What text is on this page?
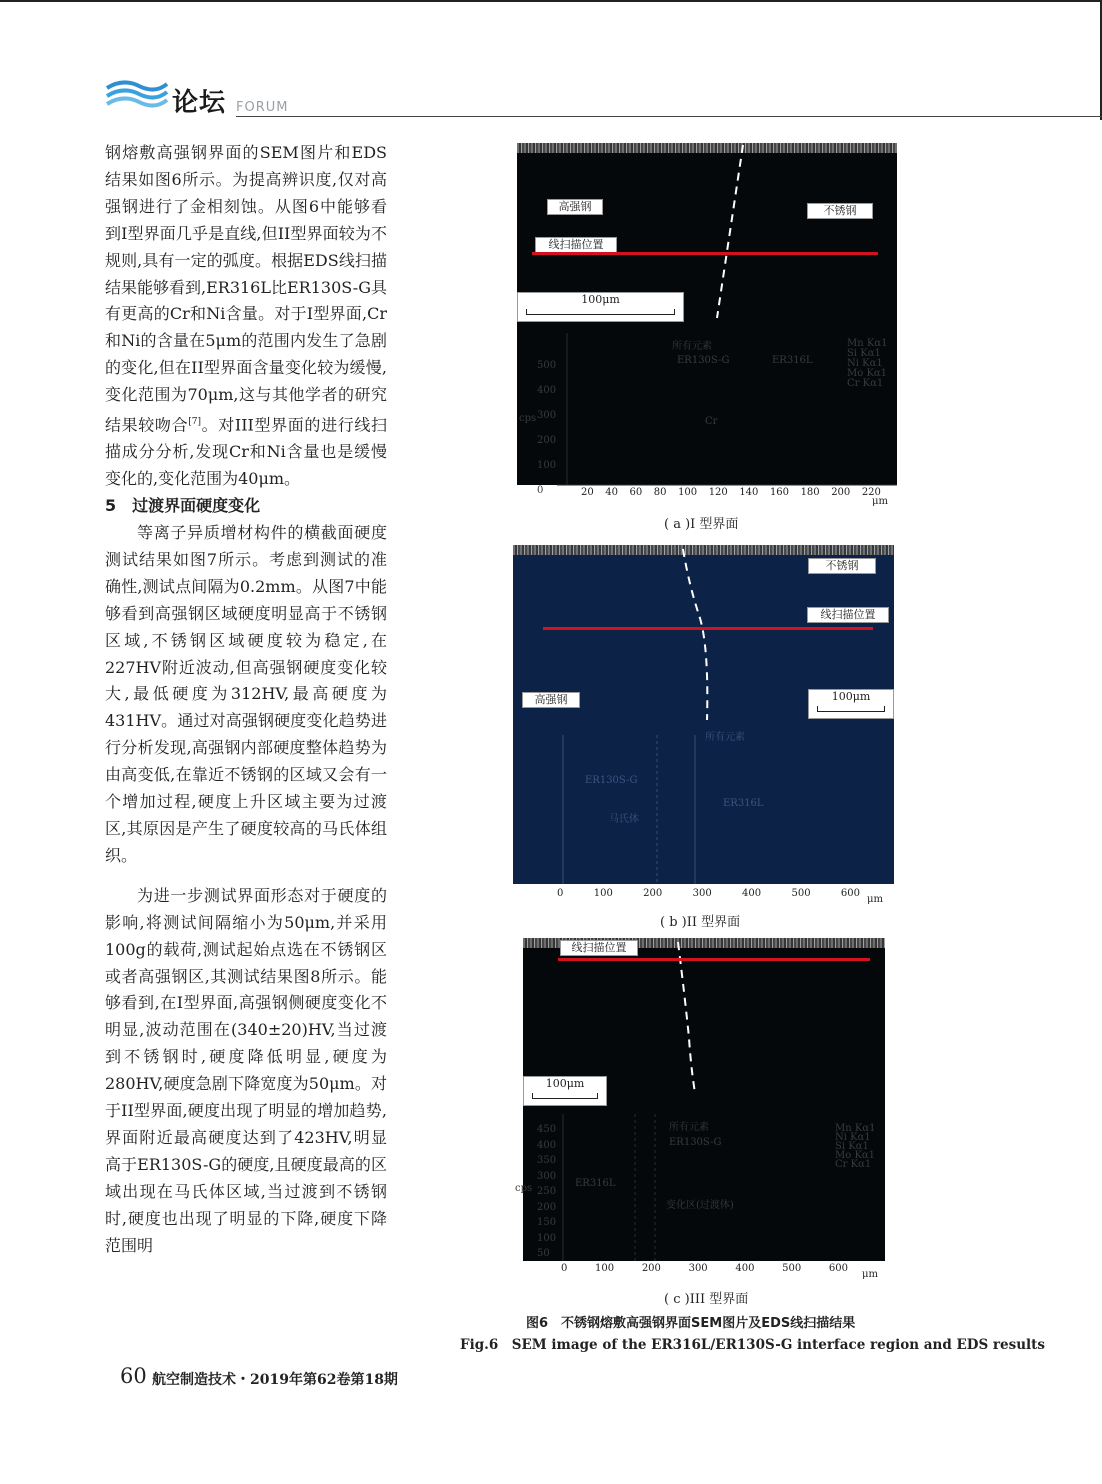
论坛 FORUM

钢熔敷高强钢界面的SEM图片和EDS结果如图6所示。为提高辨识度,仅对高强钢进行了金相刻蚀。从图6中能够看到I型界面几乎是直线,但II型界面较为不规则,具有一定的弧度。根据EDS线扫描结果能够看到,ER316L比ER130S-G具有更高的Cr和Ni含量。对于I型界面,Cr和Ni的含量在5μm的范围内发生了急剧的变化,但在II型界面含量变化较为缓慢,变化范围为70μm,这与其他学者的研究结果较吻合[7]。对III型界面的进行线扫描成分分析,发现Cr和Ni含量也是缓慢变化的,变化范围为40μm。

5　过渡界面硬度变化

等离子异质增材构件的横截面硬度测试结果如图7所示。考虑到测试的准确性,测试点间隔为0.2mm。从图7中能够看到高强钢区域硬度明显高于不锈钢区域,不锈钢区域硬度较为稳定,在227HV附近波动,但高强钢硬度变化较大,最低硬度为312HV,最高硬度为431HV。通过对高强钢硬度变化趋势进行分析发现,高强钢内部硬度整体趋势为由高变低,在靠近不锈钢的区域又会有一个增加过程,硬度上升区域主要为过渡区,其原因是产生了硬度较高的马氏体组织。

为进一步测试界面形态对于硬度的影响,将测试间隔缩小为50μm,并采用100g的载荷,测试起始点选在不锈钢区或者高强钢区,其测试结果图8所示。能够看到,在I型界面,高强钢侧硬度变化不明显,波动范围在(340±20)HV,当过渡到不锈钢时,硬度降低明显,硬度为280HV,硬度急剧下降宽度为50μm。对于II型界面,硬度出现了明显的增加趋势,界面附近最高硬度达到了423HV,明显高于ER130S-G的硬度,且硬度最高的区域出现在马氏体区域,当过渡到不锈钢时,硬度也出现了明显的下降,硬度下降范围明

高强钢	不锈钢
线扫描位置
100μm
所有元素
ER130S-G	ER316L
Cr
cps
Mn Kα1
Si Kα1
Ni Kα1
Mo Kα1
Cr Kα1
500
400
300
200
100
0	20 40 60 80 100 120 140 160 180 200 220
μm
( a )I 型界面
不锈钢
线扫描位置
高强钢	100μm
所有元素
ER130S-G
ER316L
马氏体
0	100	200	300	400	500	600
μm
( b )II 型界面
线扫描位置
100μm
所有元素
ER130S-G
ER316L
变化区(过渡体)
cps
Mn Kα1
Ni Kα1
Si Kα1
Mo Kα1
Cr Kα1
450
400
350
300
250
200
150
100
50
0	100	200	300	400	500	600
μm
( c )III 型界面
图6　不锈钢熔敷高强钢界面SEM图片及EDS线扫描结果
Fig.6　SEM image of the ER316L/ER130S-G interface region and EDS results
60 航空制造技术・2019年第62卷第18期
